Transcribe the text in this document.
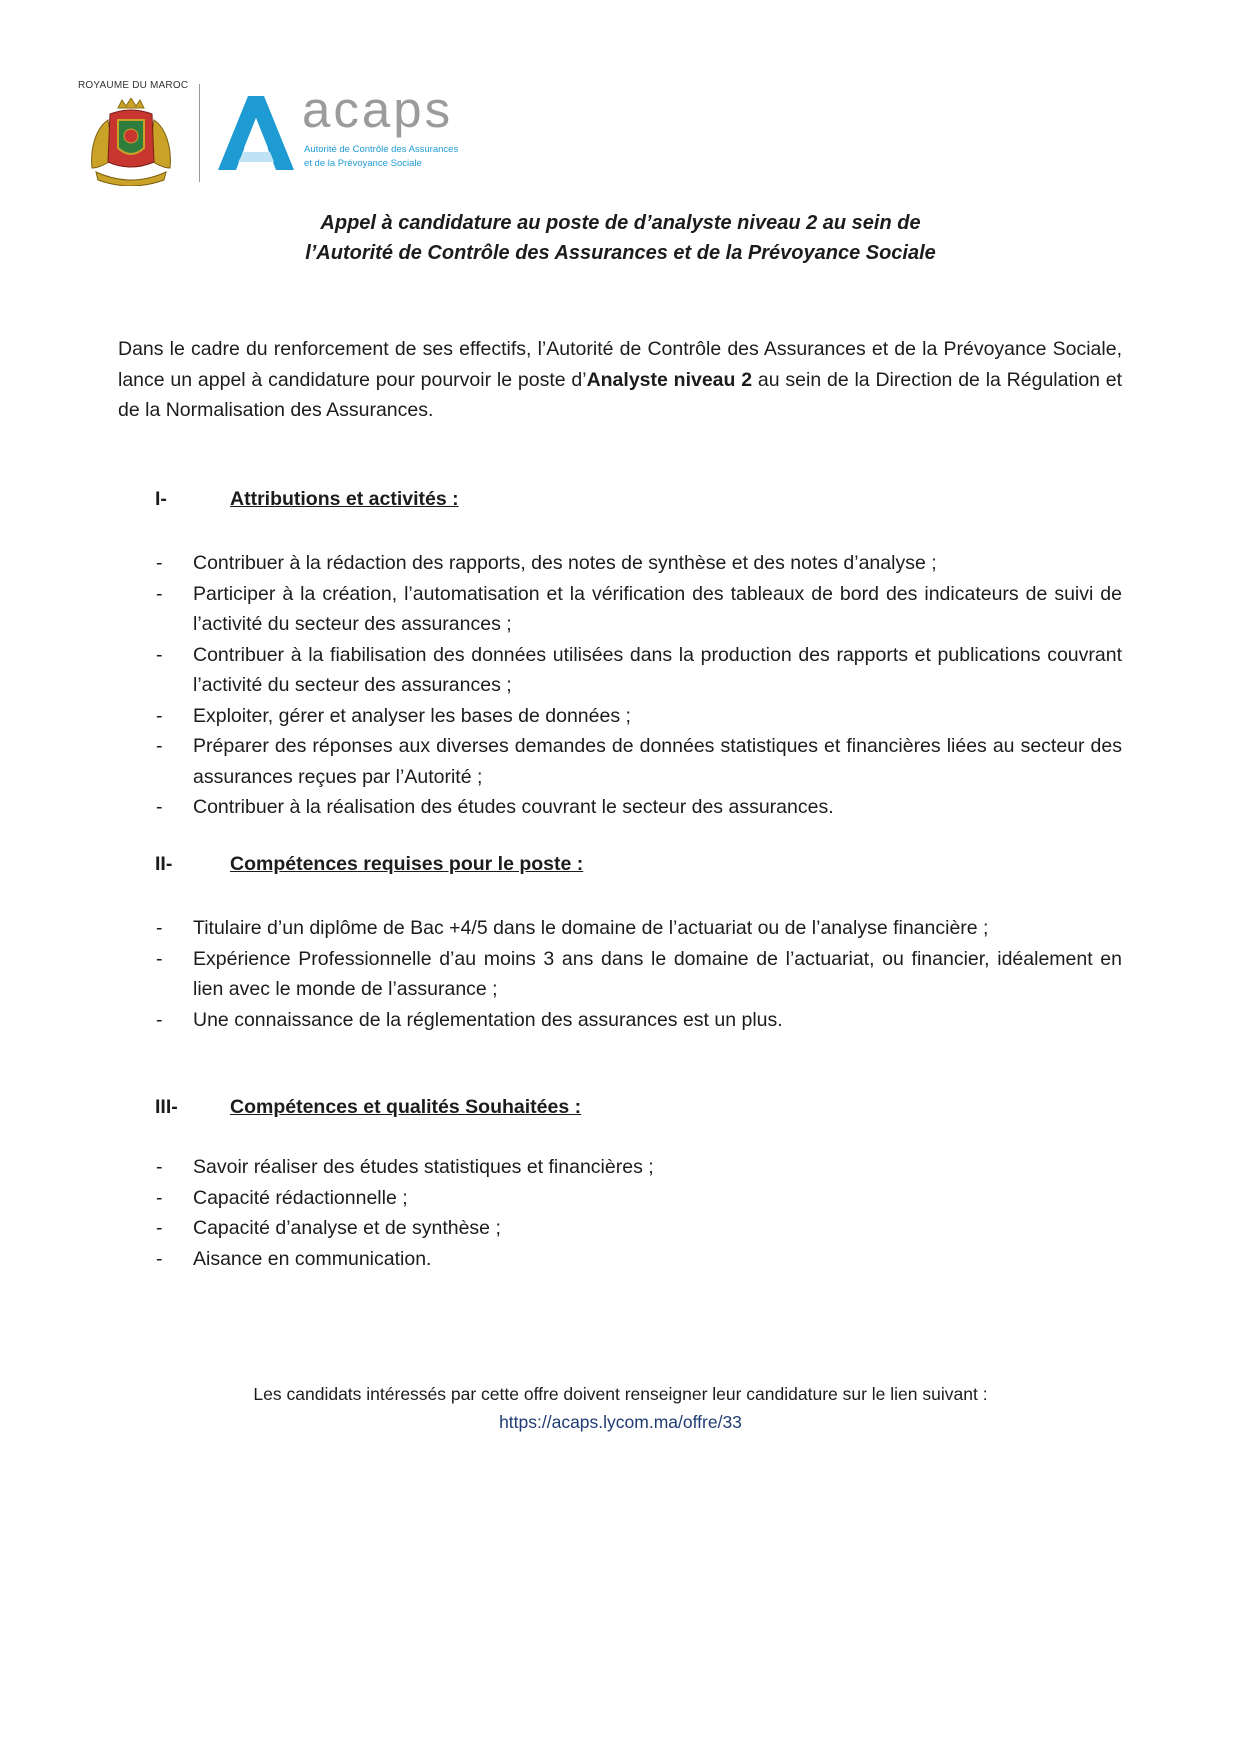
ROYAUME DU MAROC acaps
Autorité de Contrôle des Assurances
et de la Prévoyance Sociale
Appel à candidature au poste de d’analyste niveau 2 au sein de
l’Autorité de Contrôle des Assurances et de la Prévoyance Sociale
Dans le cadre du renforcement de ses effectifs, l’Autorité de Contrôle des Assurances et de la Prévoyance Sociale, lance un appel à candidature pour pourvoir le poste d’Analyste niveau 2 au sein de la Direction de la Régulation et de la Normalisation des Assurances.
I-	Attributions et activités :
- Contribuer à la rédaction des rapports, des notes de synthèse et des notes d’analyse ;
- Participer à la création, l’automatisation et la vérification des tableaux de bord des indicateurs de suivi de l’activité du secteur des assurances ;
- Contribuer à la fiabilisation des données utilisées dans la production des rapports et publications couvrant l’activité du secteur des assurances ;
- Exploiter, gérer et analyser les bases de données ;
- Préparer des réponses aux diverses demandes de données statistiques et financières liées au secteur des assurances reçues par l’Autorité ;
- Contribuer à la réalisation des études couvrant le secteur des assurances.
II-	Compétences requises pour le poste :
- Titulaire d’un diplôme de Bac +4/5 dans le domaine de l’actuariat ou de l’analyse financière ;
- Expérience Professionnelle d’au moins 3 ans dans le domaine de l’actuariat, ou financier, idéalement en lien avec le monde de l’assurance ;
- Une connaissance de la réglementation des assurances est un plus.
III-	Compétences et qualités Souhaitées :
- Savoir réaliser des études statistiques et financières ;
- Capacité rédactionnelle ;
- Capacité d’analyse et de synthèse ;
- Aisance en communication.
Les candidats intéressés par cette offre doivent renseigner leur candidature sur le lien suivant :
https://acaps.lycom.ma/offre/33
